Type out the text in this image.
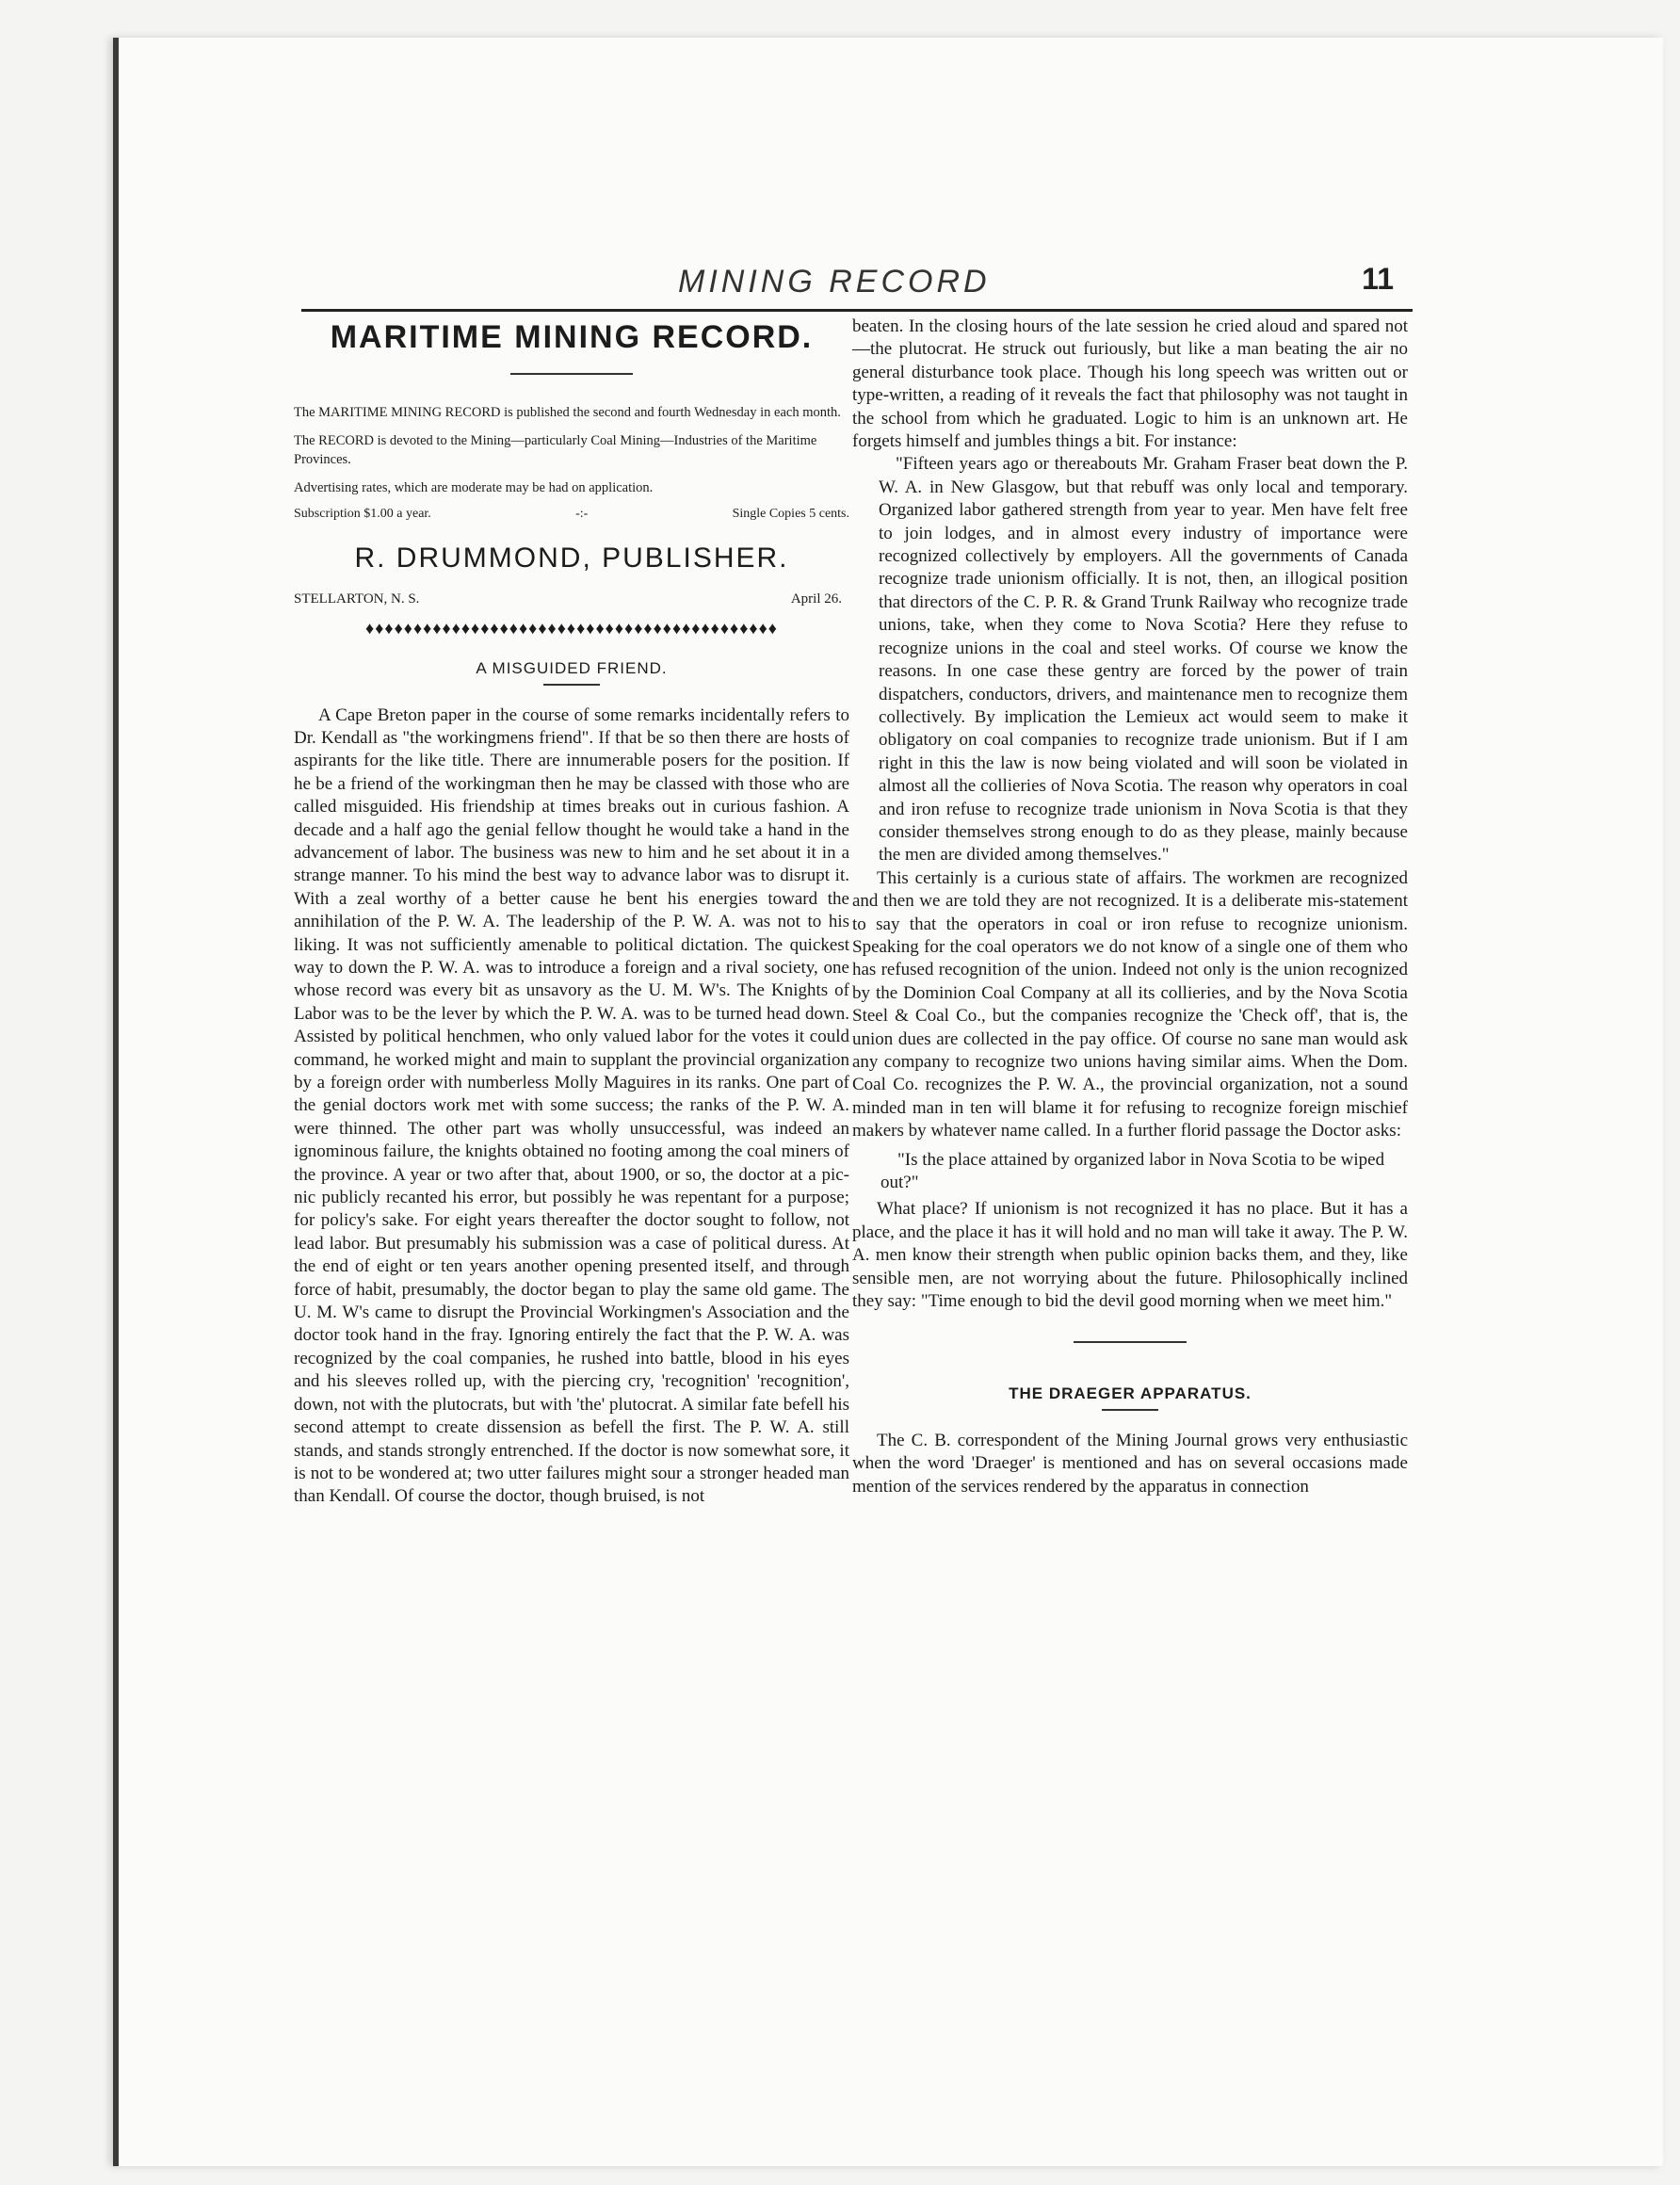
MINING RECORD	11
MARITIME MINING RECORD.

The MARITIME MINING RECORD is published the second and fourth Wednesday in each month.

The RECORD is devoted to the Mining—particularly Coal Mining—Industries of the Maritime Provinces.

Advertising rates, which are moderate may be had on application.

Subscription $1.00 a year.	-:-	Single Copies 5 cents.
R. DRUMMOND, PUBLISHER.
STELLARTON, N. S.	April 26.
♦♦♦♦♦♦♦♦♦♦♦♦♦♦♦♦♦♦♦♦♦♦♦♦♦♦♦♦♦♦♦♦♦♦♦♦♦♦♦♦♦♦♦
A MISGUIDED FRIEND.

A Cape Breton paper in the course of some remarks incidentally refers to Dr. Kendall as "the workingmens friend". If that be so then there are hosts of aspirants for the like title. There are innumerable posers for the position. If he be a friend of the workingman then he may be classed with those who are called misguided. His friendship at times breaks out in curious fashion. A decade and a half ago the genial fellow thought he would take a hand in the advancement of labor. The business was new to him and he set about it in a strange manner. To his mind the best way to advance labor was to disrupt it. With a zeal worthy of a better cause he bent his energies toward the annihilation of the P. W. A. The leadership of the P. W. A. was not to his liking. It was not sufficiently amenable to political dictation. The quickest way to down the P. W. A. was to introduce a foreign and a rival society, one whose record was every bit as unsavory as the U. M. W's. The Knights of Labor was to be the lever by which the P. W. A. was to be turned head down. Assisted by political henchmen, who only valued labor for the votes it could command, he worked might and main to supplant the provincial organization by a foreign order with numberless Molly Maguires in its ranks. One part of the genial doctors work met with some success; the ranks of the P. W. A. were thinned. The other part was wholly unsuccessful, was indeed an ignominous failure, the knights obtained no footing among the coal miners of the province. A year or two after that, about 1900, or so, the doctor at a pic-nic publicly recanted his error, but possibly he was repentant for a purpose; for policy's sake. For eight years thereafter the doctor sought to follow, not lead labor. But presumably his submission was a case of political duress. At the end of eight or ten years another opening presented itself, and through force of habit, presumably, the doctor began to play the same old game. The U. M. W's came to disrupt the Provincial Workingmen's Association and the doctor took hand in the fray. Ignoring entirely the fact that the P. W. A. was recognized by the coal companies, he rushed into battle, blood in his eyes and his sleeves rolled up, with the piercing cry, 'recognition' 'recognition', down, not with the plutocrats, but with 'the' plutocrat. A similar fate befell his second attempt to create dissension as befell the first. The P. W. A. still stands, and stands strongly entrenched. If the doctor is now somewhat sore, it is not to be wondered at; two utter failures might sour a stronger headed man than Kendall. Of course the doctor, though bruised, is not

beaten. In the closing hours of the late session he cried aloud and spared not—the plutocrat. He struck out furiously, but like a man beating the air no general disturbance took place. Though his long speech was written out or type-written, a reading of it reveals the fact that philosophy was not taught in the school from which he graduated. Logic to him is an unknown art. He forgets himself and jumbles things a bit. For instance:

"Fifteen years ago or thereabouts Mr. Graham Fraser beat down the P. W. A. in New Glasgow, but that rebuff was only local and temporary. Organized labor gathered strength from year to year. Men have felt free to join lodges, and in almost every industry of importance were recognized collectively by employers. All the governments of Canada recognize trade unionism officially. It is not, then, an illogical position that directors of the C. P. R. & Grand Trunk Railway who recognize trade unions, take, when they come to Nova Scotia? Here they refuse to recognize unions in the coal and steel works. Of course we know the reasons. In one case these gentry are forced by the power of train dispatchers, conductors, drivers, and maintenance men to recognize them collectively. By implication the Lemieux act would seem to make it obligatory on coal companies to recognize trade unionism. But if I am right in this the law is now being violated and will soon be violated in almost all the collieries of Nova Scotia. The reason why operators in coal and iron refuse to recognize trade unionism in Nova Scotia is that they consider themselves strong enough to do as they please, mainly because the men are divided among themselves."

This certainly is a curious state of affairs. The workmen are recognized and then we are told they are not recognized. It is a deliberate mis-statement to say that the operators in coal or iron refuse to recognize unionism. Speaking for the coal operators we do not know of a single one of them who has refused recognition of the union. Indeed not only is the union recognized by the Dominion Coal Company at all its collieries, and by the Nova Scotia Steel & Coal Co., but the companies recognize the 'Check off', that is, the union dues are collected in the pay office. Of course no sane man would ask any company to recognize two unions having similar aims. When the Dom. Coal Co. recognizes the P. W. A., the provincial organization, not a sound minded man in ten will blame it for refusing to recognize foreign mischief makers by whatever name called. In a further florid passage the Doctor asks:

"Is the place attained by organized labor in Nova Scotia to be wiped out?"

What place? If unionism is not recognized it has no place. But it has a place, and the place it has it will hold and no man will take it away. The P. W. A. men know their strength when public opinion backs them, and they, like sensible men, are not worrying about the future. Philosophically inclined they say: "Time enough to bid the devil good morning when we meet him."

THE DRAEGER APPARATUS.

The C. B. correspondent of the Mining Journal grows very enthusiastic when the word 'Draeger' is mentioned and has on several occasions made mention of the services rendered by the apparatus in connection
